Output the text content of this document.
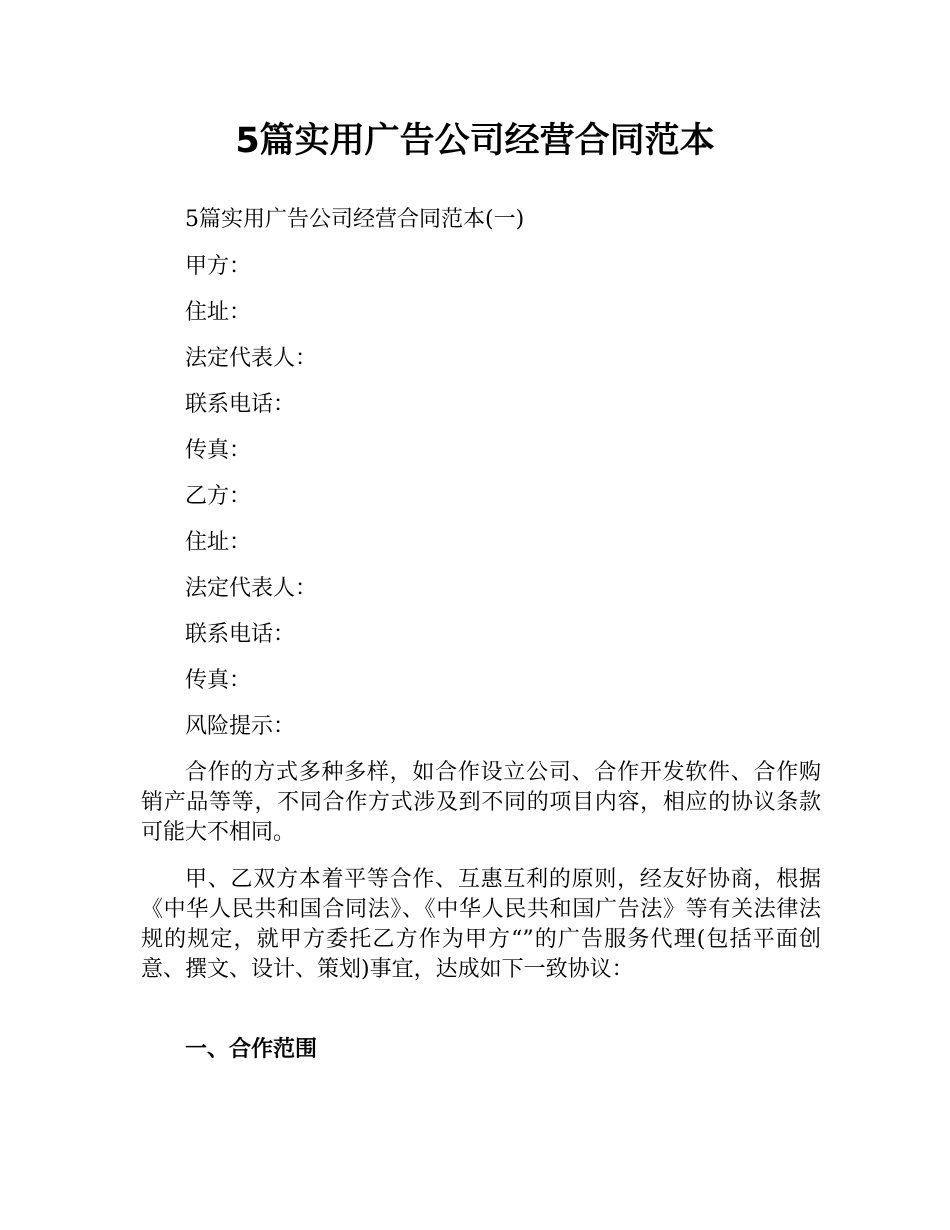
5篇实用广告公司经营合同范本

5篇实用广告公司经营合同范本(一)

甲方：

住址：

法定代表人：

联系电话：

传真：

乙方：

住址：

法定代表人：

联系电话：

传真：

风险提示：

合作的方式多种多样，如合作设立公司、合作开发软件、合作购销产品等等，不同合作方式涉及到不同的项目内容，相应的协议条款可能大不相同。

甲、乙双方本着平等合作、互惠互利的原则，经友好协商，根据《中华人民共和国合同法》、《中华人民共和国广告法》等有关法律法规的规定，就甲方委托乙方作为甲方“”的广告服务代理(包括平面创意、撰文、设计、策划)事宜，达成如下一致协议：

一、合作范围
